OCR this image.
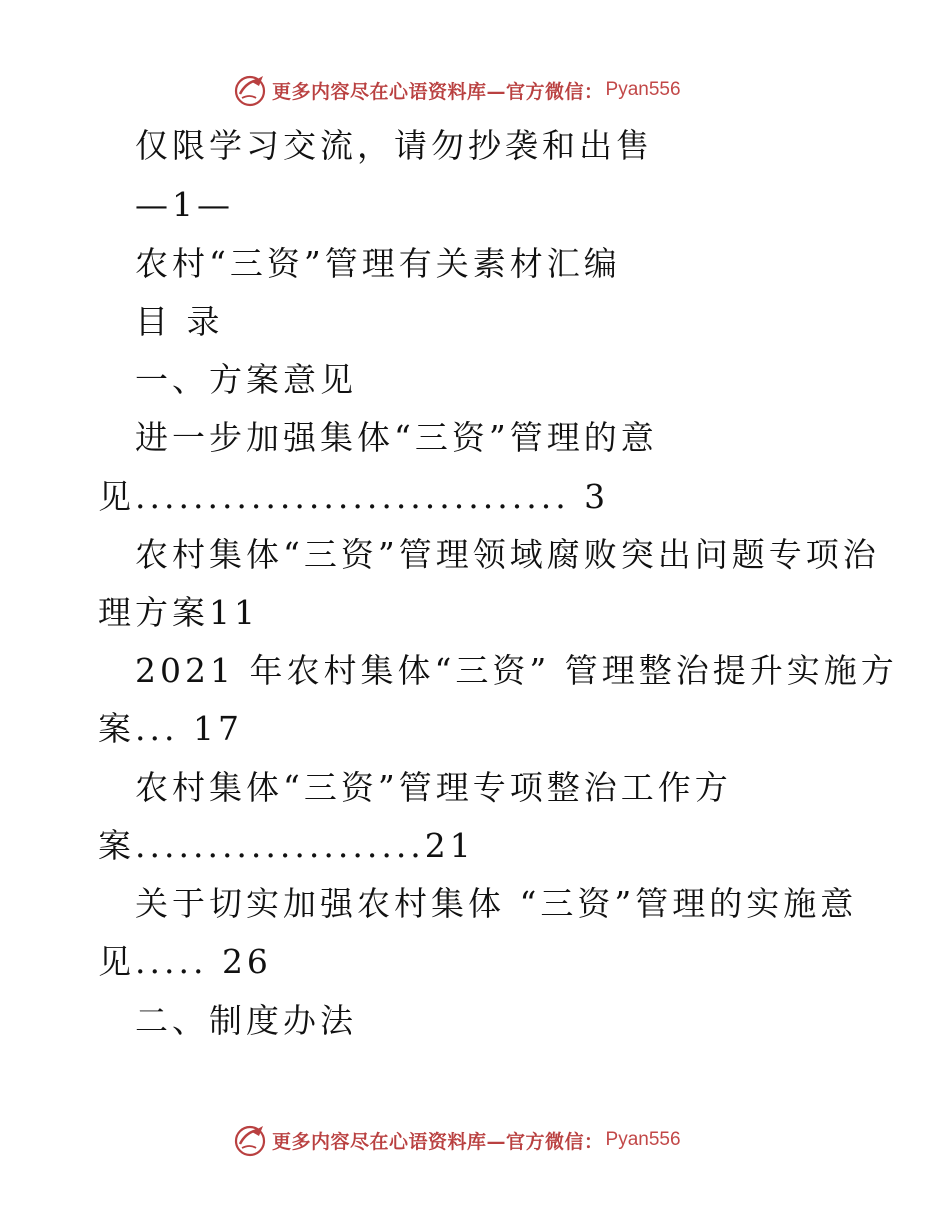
更多内容尽在心语资料库—官方微信： Pyan556
仅限学习交流，请勿抄袭和出售
—1—
农村“三资”管理有关素材汇编
目 录
一、方案意见
进一步加强集体“三资”管理的意
见.............................. 3
农村集体“三资”管理领域腐败突出问题专项治
理方案11
2021 年农村集体“三资” 管理整治提升实施方
案... 17
农村集体“三资”管理专项整治工作方
案....................21
关于切实加强农村集体 “三资”管理的实施意
见..... 26
二、制度办法
更多内容尽在心语资料库—官方微信： Pyan556
